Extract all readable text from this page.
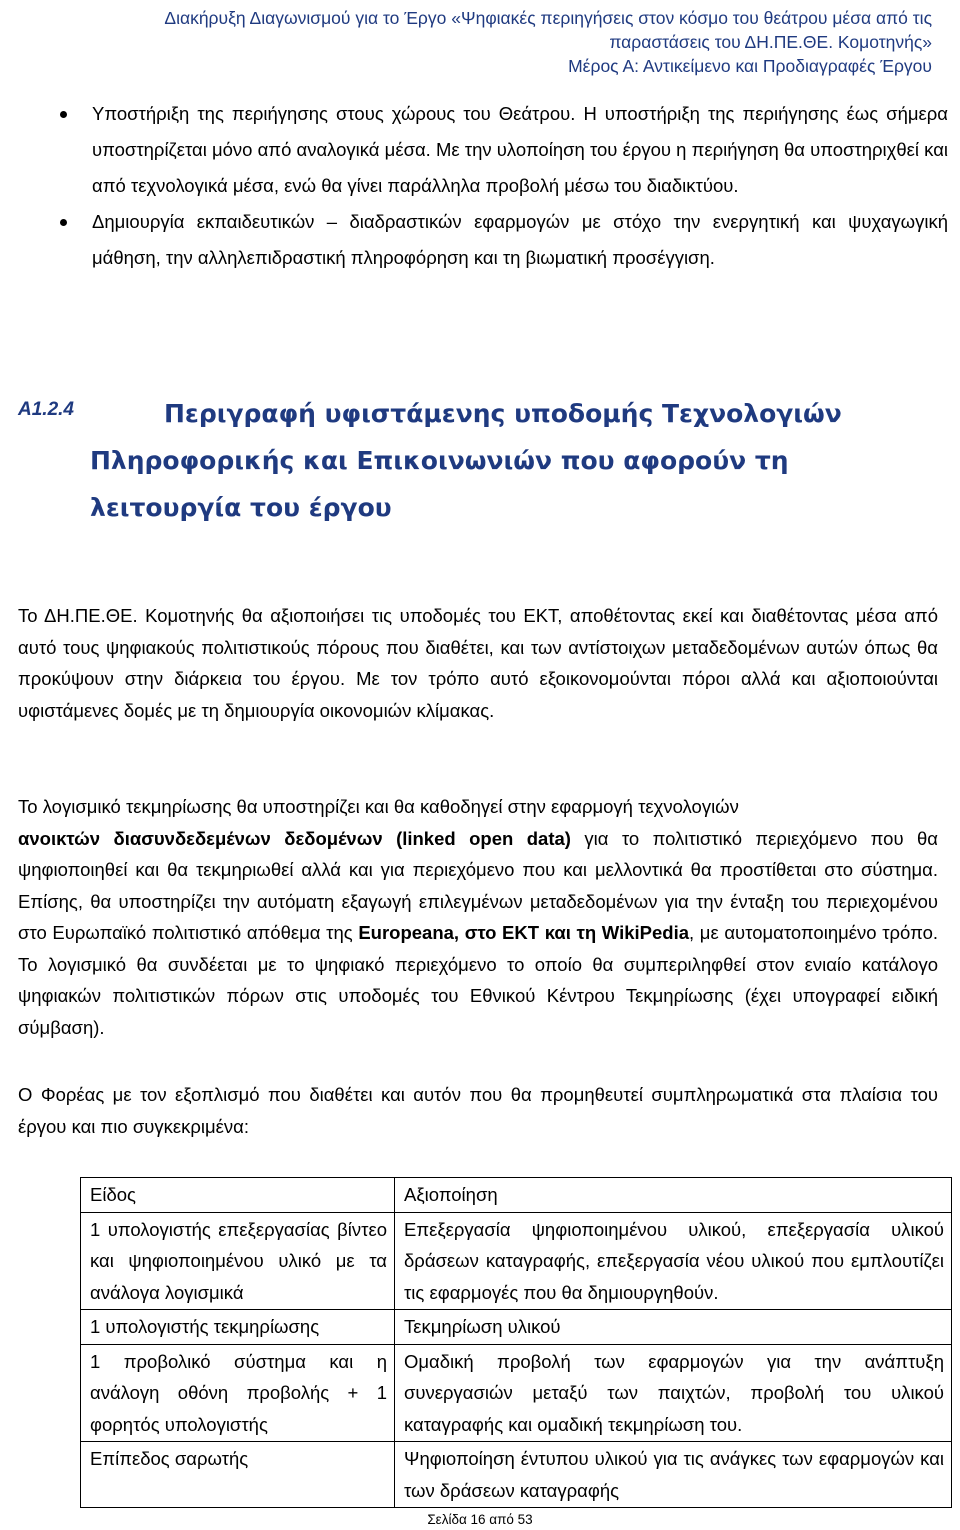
Διακήρυξη Διαγωνισμού για το Έργο «Ψηφιακές περιηγήσεις στον κόσμο του θεάτρου μέσα από τις
παραστάσεις του ΔΗ.ΠΕ.ΘΕ. Κομοτηνής»
Μέρος Α: Αντικείμενο και Προδιαγραφές Έργου
Υποστήριξη της περιήγησης στους χώρους του Θεάτρου. Η υποστήριξη της περιήγησης έως σήμερα υποστηρίζεται μόνο από αναλογικά μέσα. Με την υλοποίηση του έργου η περιήγηση θα υποστηριχθεί και από τεχνολογικά μέσα, ενώ θα γίνει παράλληλα προβολή μέσω του διαδικτύου.
Δημιουργία εκπαιδευτικών – διαδραστικών εφαρμογών με στόχο την ενεργητική και ψυχαγωγική μάθηση, την αλληλεπιδραστική πληροφόρηση και τη βιωματική προσέγγιση.
A1.2.4	Περιγραφή υφιστάμενης υποδομής Τεχνολογιών
Πληροφορικής και Επικοινωνιών που αφορούν τη
λειτουργία του έργου

Το ΔΗ.ΠΕ.ΘΕ. Κομοτηνής θα αξιοποιήσει τις υποδομές του ΕΚΤ, αποθέτοντας εκεί και διαθέτοντας μέσα από αυτό τους ψηφιακούς πολιτιστικούς πόρους που διαθέτει, και των αντίστοιχων μεταδεδομένων αυτών όπως θα προκύψουν στην διάρκεια του έργου. Με τον τρόπο αυτό εξοικονομούνται πόροι αλλά και αξιοποιούνται υφιστάμενες δομές με τη δημιουργία οικονομιών κλίμακας.

Το λογισμικό τεκμηρίωσης θα υποστηρίζει και θα καθοδηγεί στην εφαρμογή τεχνολογιών
ανοικτών διασυνδεδεμένων δεδομένων (linked open data) για το πολιτιστικό περιεχόμενο που θα ψηφιοποιηθεί και θα τεκμηριωθεί αλλά και για περιεχόμενο που και μελλοντικά θα προστίθεται στο σύστημα. Επίσης, θα υποστηρίζει την αυτόματη εξαγωγή επιλεγμένων μεταδεδομένων για την ένταξη του περιεχομένου στο Ευρωπαϊκό πολιτιστικό απόθεμα της Europeana, στο ΕΚΤ και τη WikiPedia, με αυτοματοποιημένο τρόπο. Το λογισμικό θα συνδέεται με το ψηφιακό περιεχόμενο το οποίο θα συμπεριληφθεί στον ενιαίο κατάλογο ψηφιακών πολιτιστικών πόρων στις υποδομές του Εθνικού Κέντρου Τεκμηρίωσης (έχει υπογραφεί ειδική σύμβαση).

Ο Φορέας με τον εξοπλισμό που διαθέτει και αυτόν που θα προμηθευτεί συμπληρωματικά στα πλαίσια του έργου και πιο συγκεκριμένα:

Είδος	Αξιοποίηση
1 υπολογιστής επεξεργασίας βίντεο και ψηφιοποιημένου υλικό με τα ανάλογα λογισμικά	Επεξεργασία ψηφιοποιημένου υλικού, επεξεργασία υλικού δράσεων καταγραφής, επεξεργασία νέου υλικού που εμπλουτίζει τις εφαρμογές που θα δημιουργηθούν.
1 υπολογιστής τεκμηρίωσης	Τεκμηρίωση υλικού
1 προβολικό σύστημα και η ανάλογη οθόνη προβολής + 1 φορητός υπολογιστής	Ομαδική προβολή των εφαρμογών για την ανάπτυξη συνεργασιών μεταξύ των παιχτών, προβολή του υλικού καταγραφής και ομαδική τεκμηρίωση του.
Επίπεδος σαρωτής	Ψηφιοποίηση έντυπου υλικού για τις ανάγκες των εφαρμογών και των δράσεων καταγραφής
Σελίδα 16 από 53
